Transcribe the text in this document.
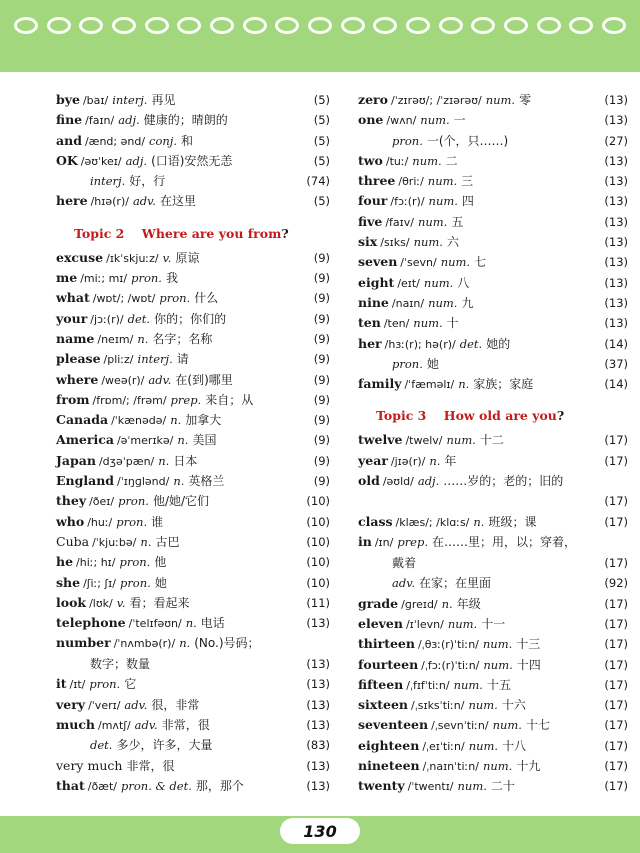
bye /baɪ/ interj. 再见	(5)
fine /faɪn/ adj. 健康的；晴朗的	(5)
and /ænd; ənd/ conj. 和	(5)
OK /əʊˈkeɪ/ adj. (口语)安然无恙	(5)
interj. 好，行	(74)
here /hɪə(r)/ adv. 在这里	(5)
Topic 2 Where are you from?
excuse /ɪkˈskjuːz/ v. 原谅	(9)
me /miː; mɪ/ pron. 我	(9)
what /wɒt/; /wɒt/ pron. 什么	(9)
your /jɔː(r)/ det. 你的；你们的	(9)
name /neɪm/ n. 名字；名称	(9)
please /pliːz/ interj. 请	(9)
where /weə(r)/ adv. 在(到)哪里	(9)
from /frɒm/; /frəm/ prep. 来自；从	(9)
Canada /ˈkænədə/ n. 加拿大	(9)
America /əˈmerɪkə/ n. 美国	(9)
Japan /dʒəˈpæn/ n. 日本	(9)
England /ˈɪŋɡlənd/ n. 英格兰	(9)
they /ðeɪ/ pron. 他/她/它们	(10)
who /huː/ pron. 谁	(10)
Cuba /ˈkjuːbə/ n. 古巴	(10)
he /hiː; hɪ/ pron. 他	(10)
she /ʃiː; ʃɪ/ pron. 她	(10)
look /lʊk/ v. 看；看起来	(11)
telephone /ˈtelɪfəʊn/ n. 电话	(13)
number /ˈnʌmbə(r)/ n. (No.)号码；
数字；数量	(13)
it /ɪt/ pron. 它	(13)
very /ˈverɪ/ adv. 很，非常	(13)
much /mʌtʃ/ adv. 非常，很	(13)
det. 多少，许多，大量	(83)
very much 非常，很	(13)
that /ðæt/ pron. & det. 那，那个	(13)
zero /ˈzɪrəʊ/; /ˈzɪərəʊ/ num. 零	(13)
one /wʌn/ num. 一	(13)
pron. 一(个，只……)	(27)
two /tuː/ num. 二	(13)
three /θriː/ num. 三	(13)
four /fɔː(r)/ num. 四	(13)
five /faɪv/ num. 五	(13)
six /sɪks/ num. 六	(13)
seven /ˈsevn/ num. 七	(13)
eight /eɪt/ num. 八	(13)
nine /naɪn/ num. 九	(13)
ten /ten/ num. 十	(13)
her /hɜː(r); hə(r)/ det. 她的	(14)
pron. 她	(37)
family /ˈfæməlɪ/ n. 家族；家庭	(14)
Topic 3 How old are you?
twelve /twelv/ num. 十二	(17)
year /jɪə(r)/ n. 年	(17)
old /əʊld/ adj. ……岁的；老的；旧的
(17)
class /klæs/; /klɑːs/ n. 班级；课	(17)
in /ɪn/ prep. 在……里；用，以；穿着，
戴着	(17)
adv. 在家；在里面	(92)
grade /ɡreɪd/ n. 年级	(17)
eleven /ɪˈlevn/ num. 十一	(17)
thirteen /ˌθɜː(r)ˈtiːn/ num. 十三	(17)
fourteen /ˌfɔː(r)ˈtiːn/ num. 十四	(17)
fifteen /ˌfɪfˈtiːn/ num. 十五	(17)
sixteen /ˌsɪksˈtiːn/ num. 十六	(17)
seventeen /ˌsevnˈtiːn/ num. 十七	(17)
eighteen /ˌeɪˈtiːn/ num. 十八	(17)
nineteen /ˌnaɪnˈtiːn/ num. 十九	(17)
twenty /ˈtwentɪ/ num. 二十	(17)
130
